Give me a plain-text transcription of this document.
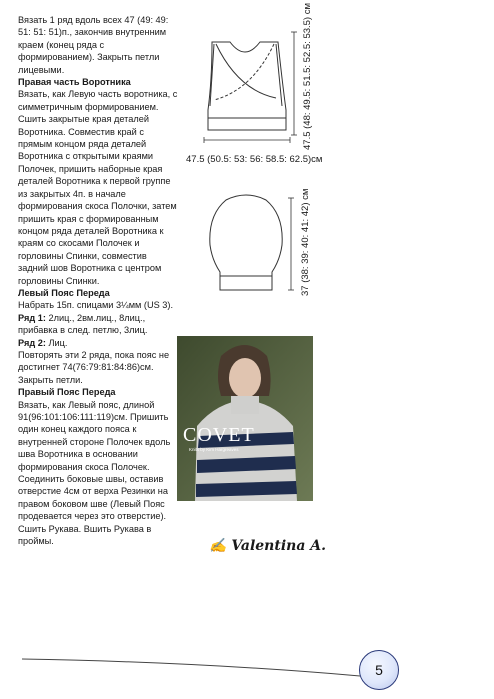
Вязать 1 ряд вдоль всех 47 (49: 49: 51: 51: 51)п., закончив внутренним краем (конец ряда с формированием). Закрыть петли лицевыми.

Правая часть Воротника

Вязать, как Левую часть воротника, с симметричным формированием. Сшить закрытые края деталей Воротника. Совместив край с прямым концом ряда деталей Воротника с открытыми краями Полочек, пришить наборные края деталей Воротника к первой группе из закрытых 4п. в начале формирования скоса Полочки, затем пришить края с формированным концом ряда деталей Воротника к краям со скосами Полочек и горловины Спинки, совместив задний шов Воротника с центром горловины Спинки.

Левый Пояс Переда

Набрать 15п. спицами 3¼мм (US 3).

Ряд 1: 2лиц., 2вм.лиц., 8лиц., прибавка в след. петлю, 3лиц.

Ряд 2: Лиц.

Повторять эти 2 ряда, пока пояс не достигнет 74(76:79:81:84:86)см. Закрыть петли.

Правый Пояс Переда

Вязать, как Левый пояс, длиной 91(96:101:106:111:119)см. Пришить один конец каждого пояса к внутренней стороне Полочек вдоль шва Воротника в основании формирования скоса Полочек. Соединить боковые швы, оставив отверстие 4см от верха Резинки на правом боковом шве (Левый Пояс продевается через это отверстие). Сшить Рукава. Вшить Рукава в проймы.

47.5 (48: 49.5: 51.5: 52.5: 53.5) см
47.5 (50.5: 53: 56: 58.5: 62.5)см
37 (38: 39: 40: 41: 42) см
COVET
Knits by Kim Hargreaves
✍ Valentina A.
5
